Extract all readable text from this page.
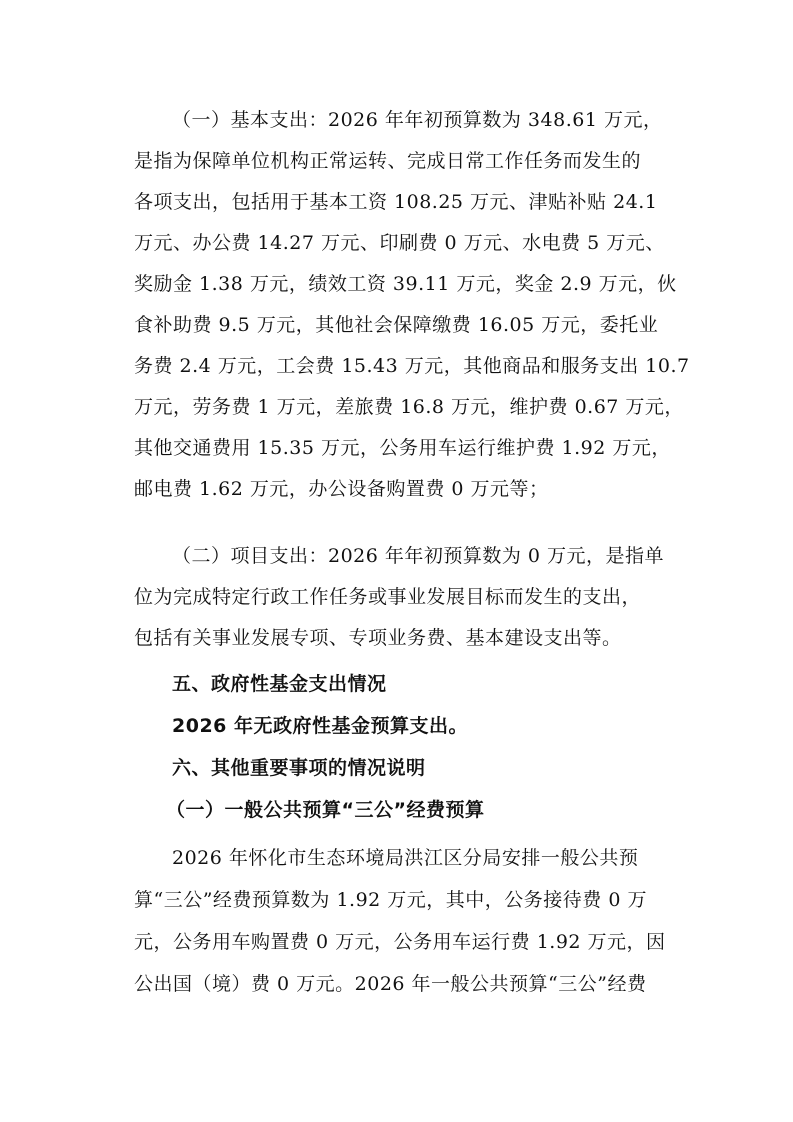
（一）基本支出：2026 年年初预算数为 348.61 万元，
是指为保障单位机构正常运转、完成日常工作任务而发生的
各项支出，包括用于基本工资 108.25 万元、津贴补贴 24.1
万元、办公费 14.27 万元、印刷费 0 万元、水电费 5 万元、
奖励金 1.38 万元，绩效工资 39.11 万元，奖金 2.9 万元，伙
食补助费 9.5 万元，其他社会保障缴费 16.05 万元，委托业
务费 2.4 万元，工会费 15.43 万元，其他商品和服务支出 10.7
万元，劳务费 1 万元，差旅费 16.8 万元，维护费 0.67 万元，
其他交通费用 15.35 万元，公务用车运行维护费 1.92 万元，
邮电费 1.62 万元，办公设备购置费 0 万元等；
（二）项目支出：2026 年年初预算数为 0 万元，是指单
位为完成特定行政工作任务或事业发展目标而发生的支出，
包括有关事业发展专项、专项业务费、基本建设支出等。
五、政府性基金支出情况
2026 年无政府性基金预算支出。
六、其他重要事项的情况说明
（一）一般公共预算“三公”经费预算
2026 年怀化市生态环境局洪江区分局安排一般公共预
算“三公”经费预算数为 1.92 万元，其中，公务接待费 0 万
元，公务用车购置费 0 万元，公务用车运行费 1.92 万元，因
公出国（境）费 0 万元。2026 年一般公共预算“三公”经费
